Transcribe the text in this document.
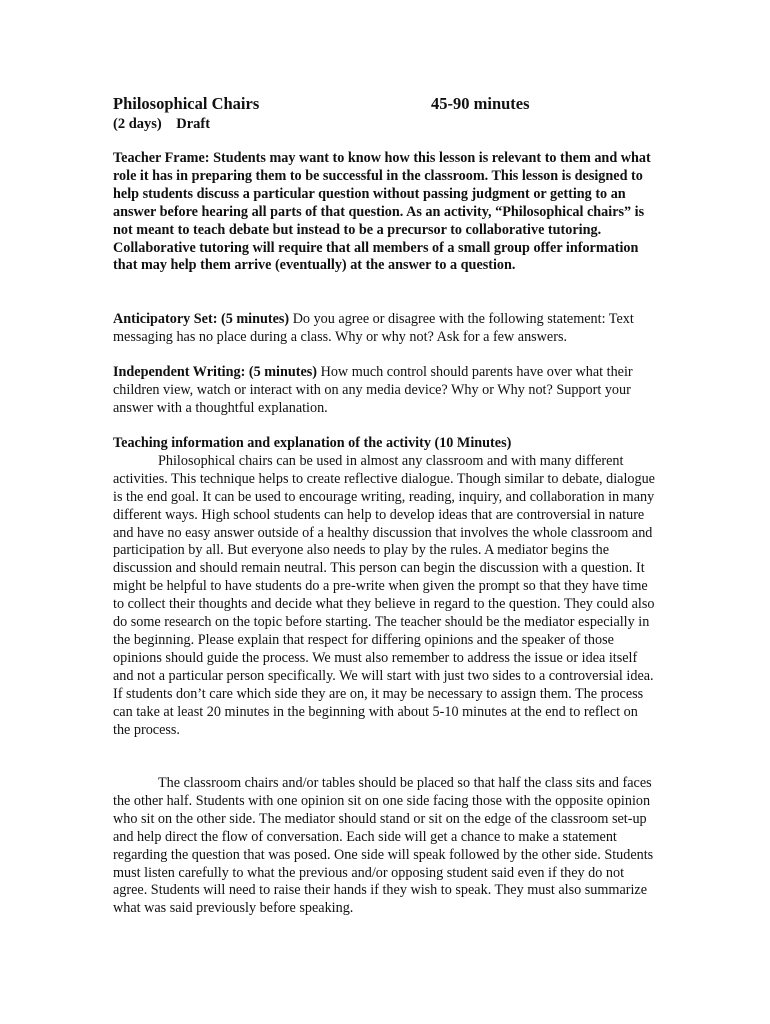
Philosophical Chairs	45-90 minutes
(2 days)    Draft

Teacher Frame: Students may want to know how this lesson is relevant to them and what role it has in preparing them to be successful in the classroom. This lesson is designed to help students discuss a particular question without passing judgment or getting to an answer before hearing all parts of that question. As an activity, “Philosophical chairs” is not meant to teach debate but instead to be a precursor to collaborative tutoring. Collaborative tutoring will require that all members of a small group offer information that may help them arrive (eventually) at the answer to a question.

Anticipatory Set: (5 minutes) Do you agree or disagree with the following statement: Text messaging has no place during a class. Why or why not? Ask for a few answers.

Independent Writing: (5 minutes) How much control should parents have over what their children view, watch or interact with on any media device? Why or Why not? Support your answer with a thoughtful explanation.

Teaching information and explanation of the activity (10 Minutes)

Philosophical chairs can be used in almost any classroom and with many different activities. This technique helps to create reflective dialogue. Though similar to debate, dialogue is the end goal. It can be used to encourage writing, reading, inquiry, and collaboration in many different ways. High school students can help to develop ideas that are controversial in nature and have no easy answer outside of a healthy discussion that involves the whole classroom and participation by all. But everyone also needs to play by the rules. A mediator begins the discussion and should remain neutral. This person can begin the discussion with a question. It might be helpful to have students do a pre-write when given the prompt so that they have time to collect their thoughts and decide what they believe in regard to the question. They could also do some research on the topic before starting. The teacher should be the mediator especially in the beginning. Please explain that respect for differing opinions and the speaker of those opinions should guide the process. We must also remember to address the issue or idea itself and not a particular person specifically. We will start with just two sides to a controversial idea. If students don’t care which side they are on, it may be necessary to assign them. The process can take at least 20 minutes in the beginning with about 5-10 minutes at the end to reflect on the process.

The classroom chairs and/or tables should be placed so that half the class sits and faces the other half. Students with one opinion sit on one side facing those with the opposite opinion who sit on the other side. The mediator should stand or sit on the edge of the classroom set-up and help direct the flow of conversation. Each side will get a chance to make a statement regarding the question that was posed. One side will speak followed by the other side. Students must listen carefully to what the previous and/or opposing student said even if they do not agree. Students will need to raise their hands if they wish to speak. They must also summarize what was said previously before speaking.
